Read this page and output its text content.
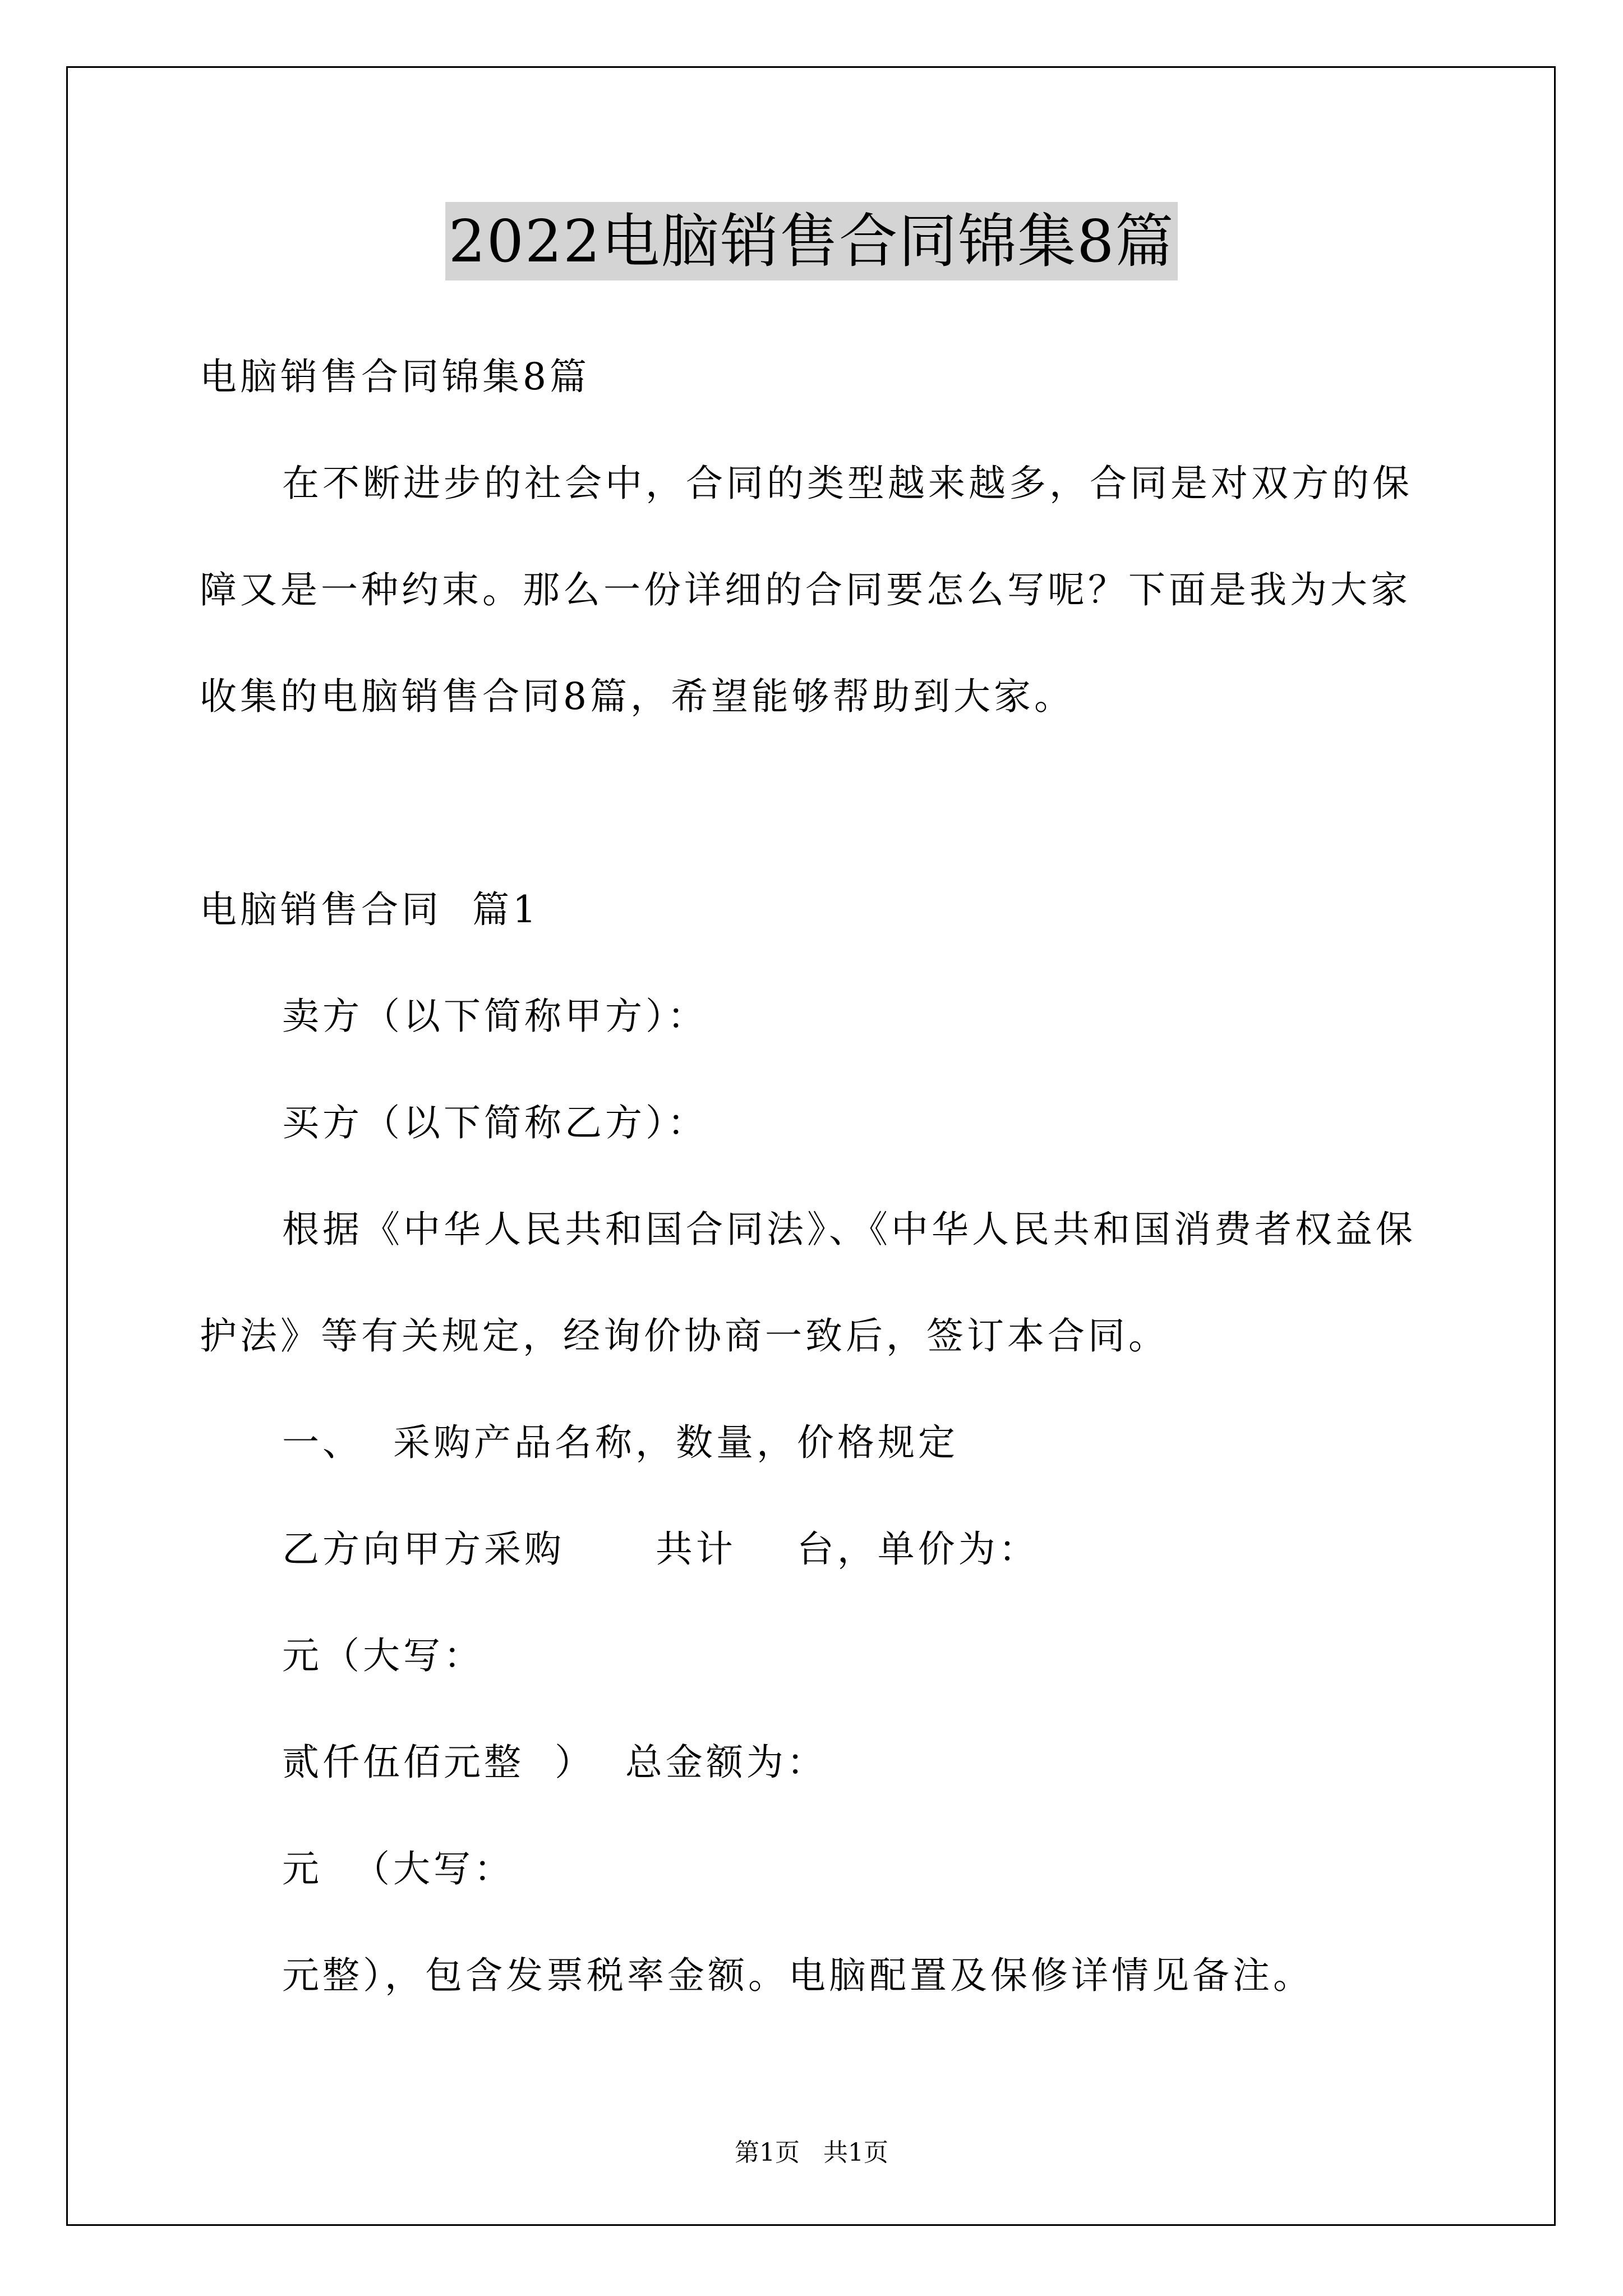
2022电脑销售合同锦集8篇
电脑销售合同锦集8篇
在不断进步的社会中，合同的类型越来越多，合同是对双方的保
障又是一种约束。那么一份详细的合同要怎么写呢？下面是我为大家
收集的电脑销售合同8篇，希望能够帮助到大家。
电脑销售合同  篇1
卖方（以下简称甲方）：
买方（以下简称乙方）：
根据《中华人民共和国合同法》、《中华人民共和国消费者权益保
护法》等有关规定，经询价协商一致后，签订本合同。
一、  采购产品名称，数量，价格规定
乙方向甲方采购      共计    台，单价为：
元（大写：
贰仟伍佰元整  ）  总金额为：
元  （大写：
元整），包含发票税率金额。电脑配置及保修详情见备注。
第1页   共1页
